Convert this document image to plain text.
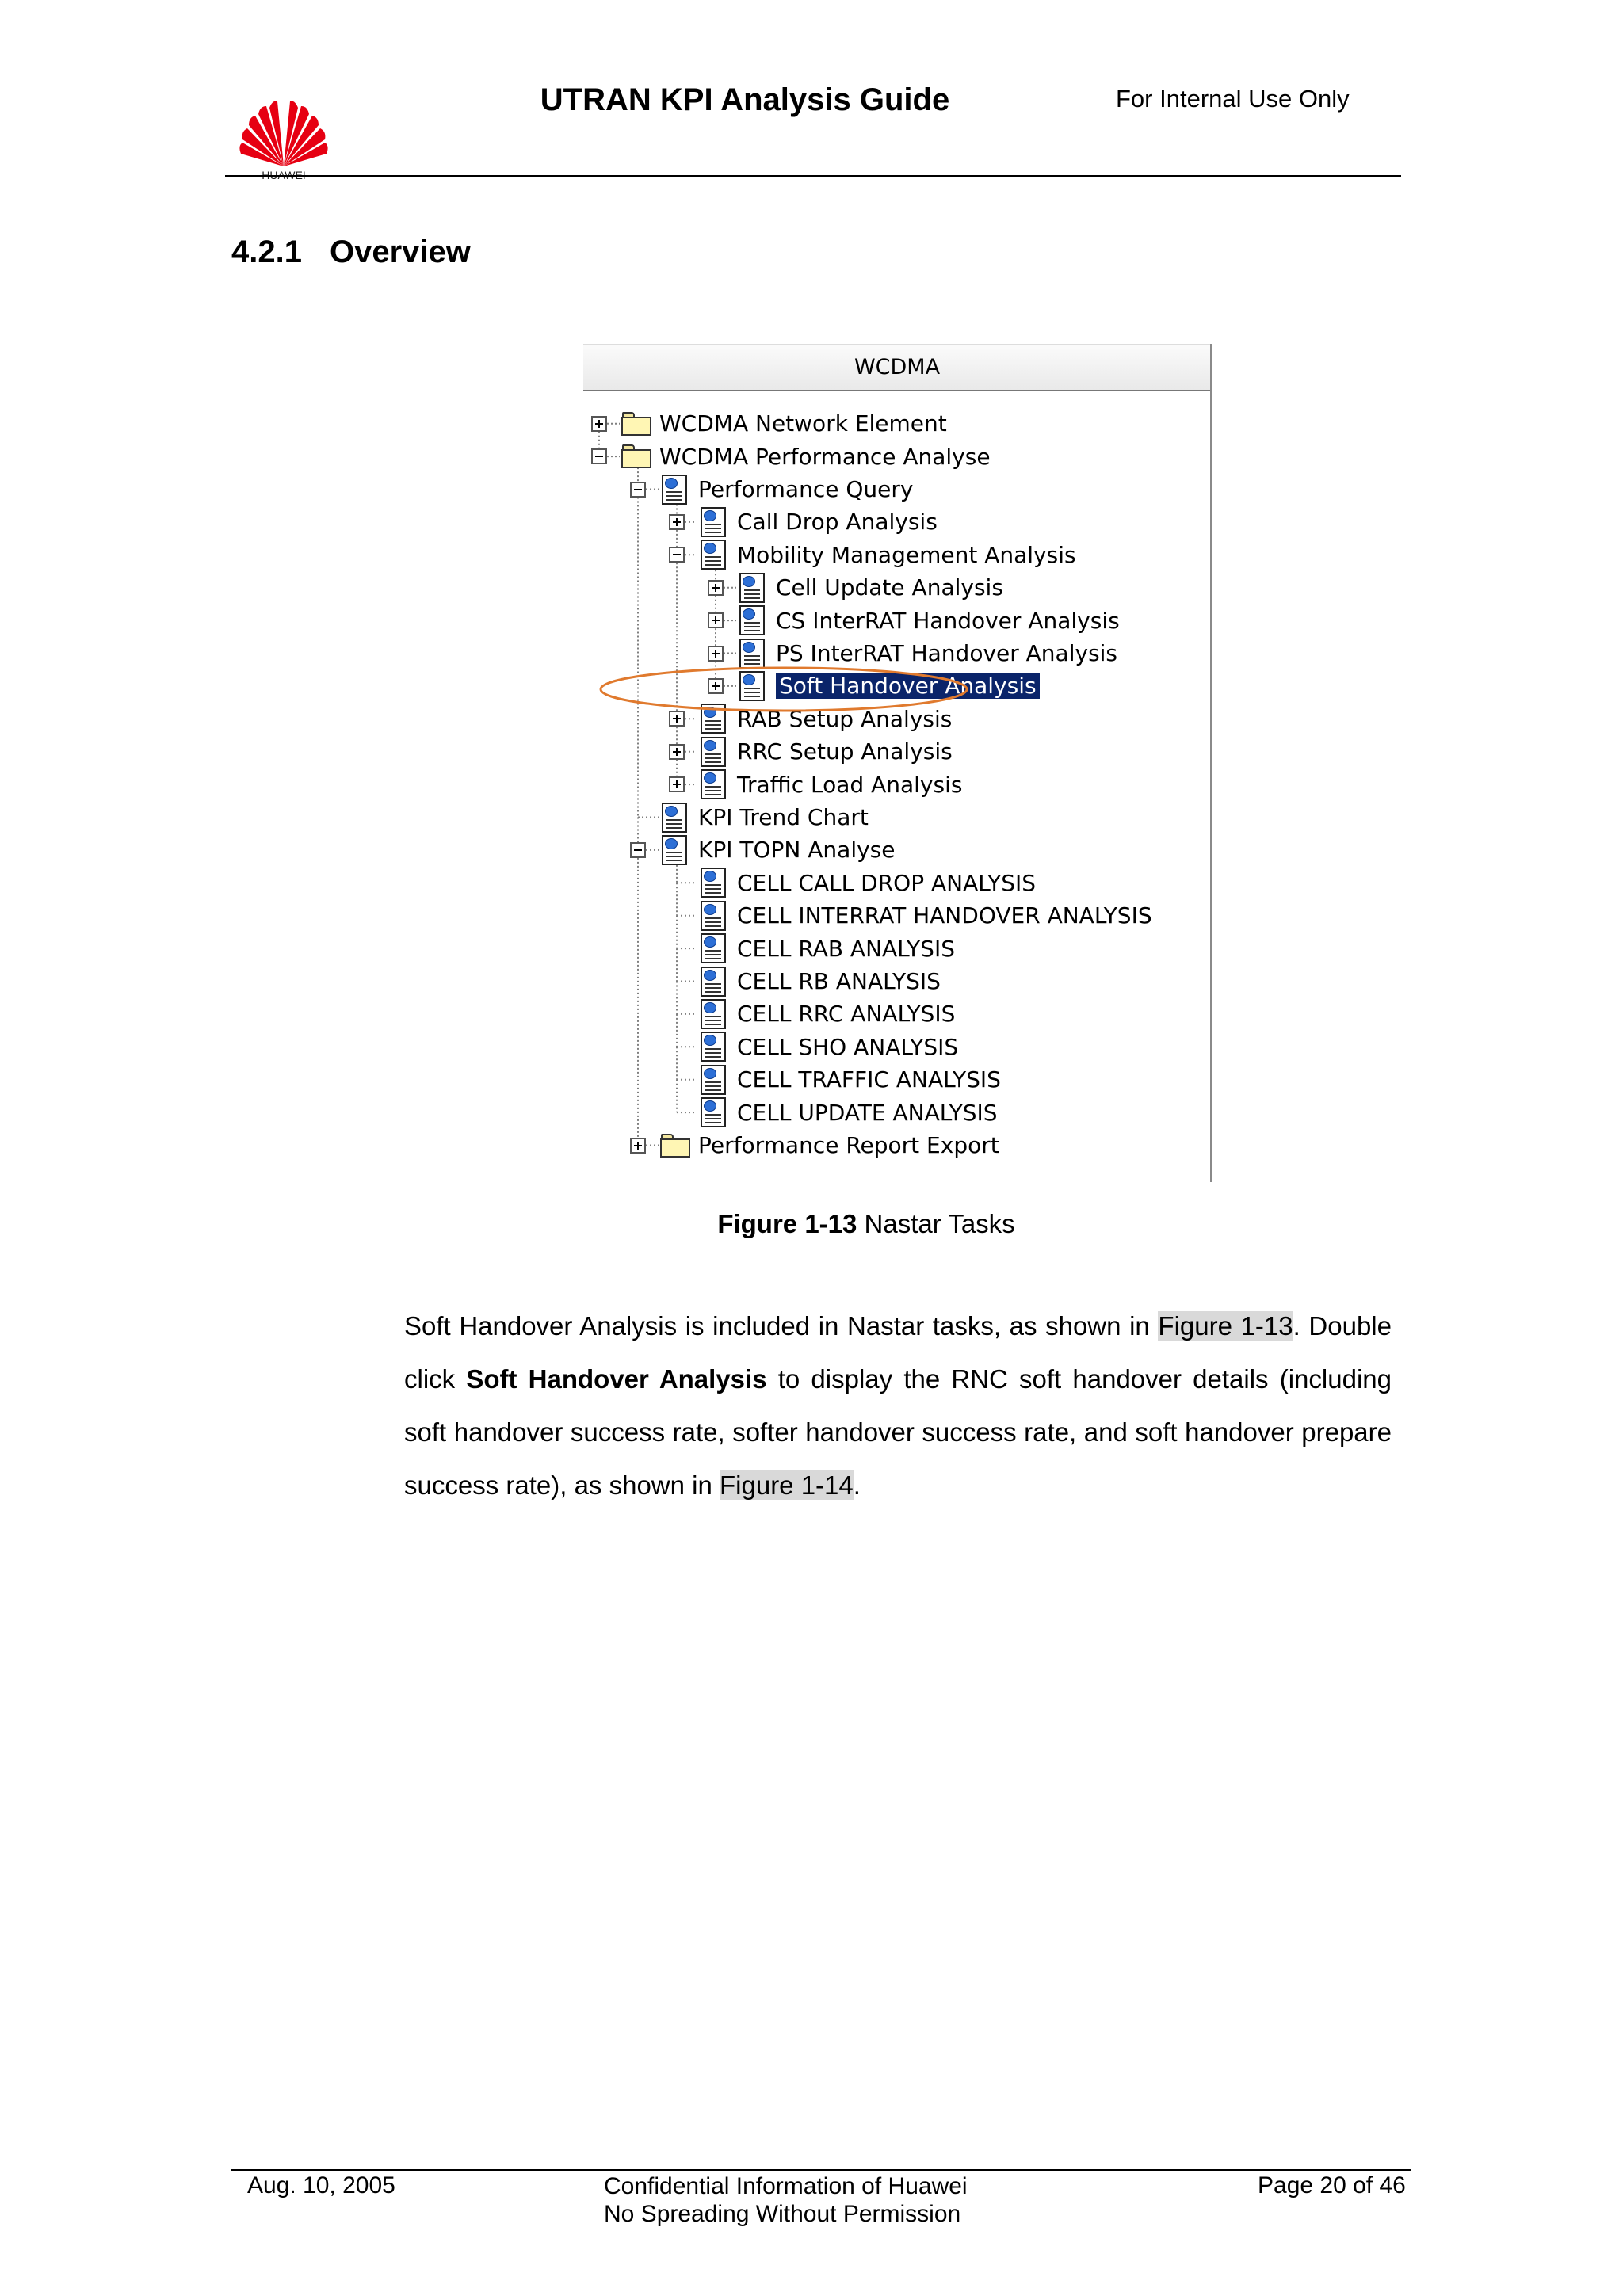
UTRAN KPI Analysis Guide	For Internal Use Only
4.2.1 Overview
WCDMA
WCDMA Network Element
WCDMA Performance Analyse
Performance Query
Call Drop Analysis
Mobility Management Analysis
Cell Update Analysis
CS InterRAT Handover Analysis
PS InterRAT Handover Analysis
Soft Handover Analysis
RAB Setup Analysis
RRC Setup Analysis
Traffic Load Analysis
KPI Trend Chart
KPI TOPN Analyse
CELL CALL DROP ANALYSIS
CELL INTERRAT HANDOVER ANALYSIS
CELL RAB ANALYSIS
CELL RB ANALYSIS
CELL RRC ANALYSIS
CELL SHO ANALYSIS
CELL TRAFFIC ANALYSIS
CELL UPDATE ANALYSIS
Performance Report Export

Figure 1-13 Nastar Tasks

Soft Handover Analysis is included in Nastar tasks, as shown in Figure 1-13. Double click Soft Handover Analysis to display the RNC soft handover details (including soft handover success rate, softer handover success rate, and soft handover prepare success rate), as shown in Figure 1-14.

Aug. 10, 2005	Confidential Information of Huawei
No Spreading Without Permission
Page 20 of 46
